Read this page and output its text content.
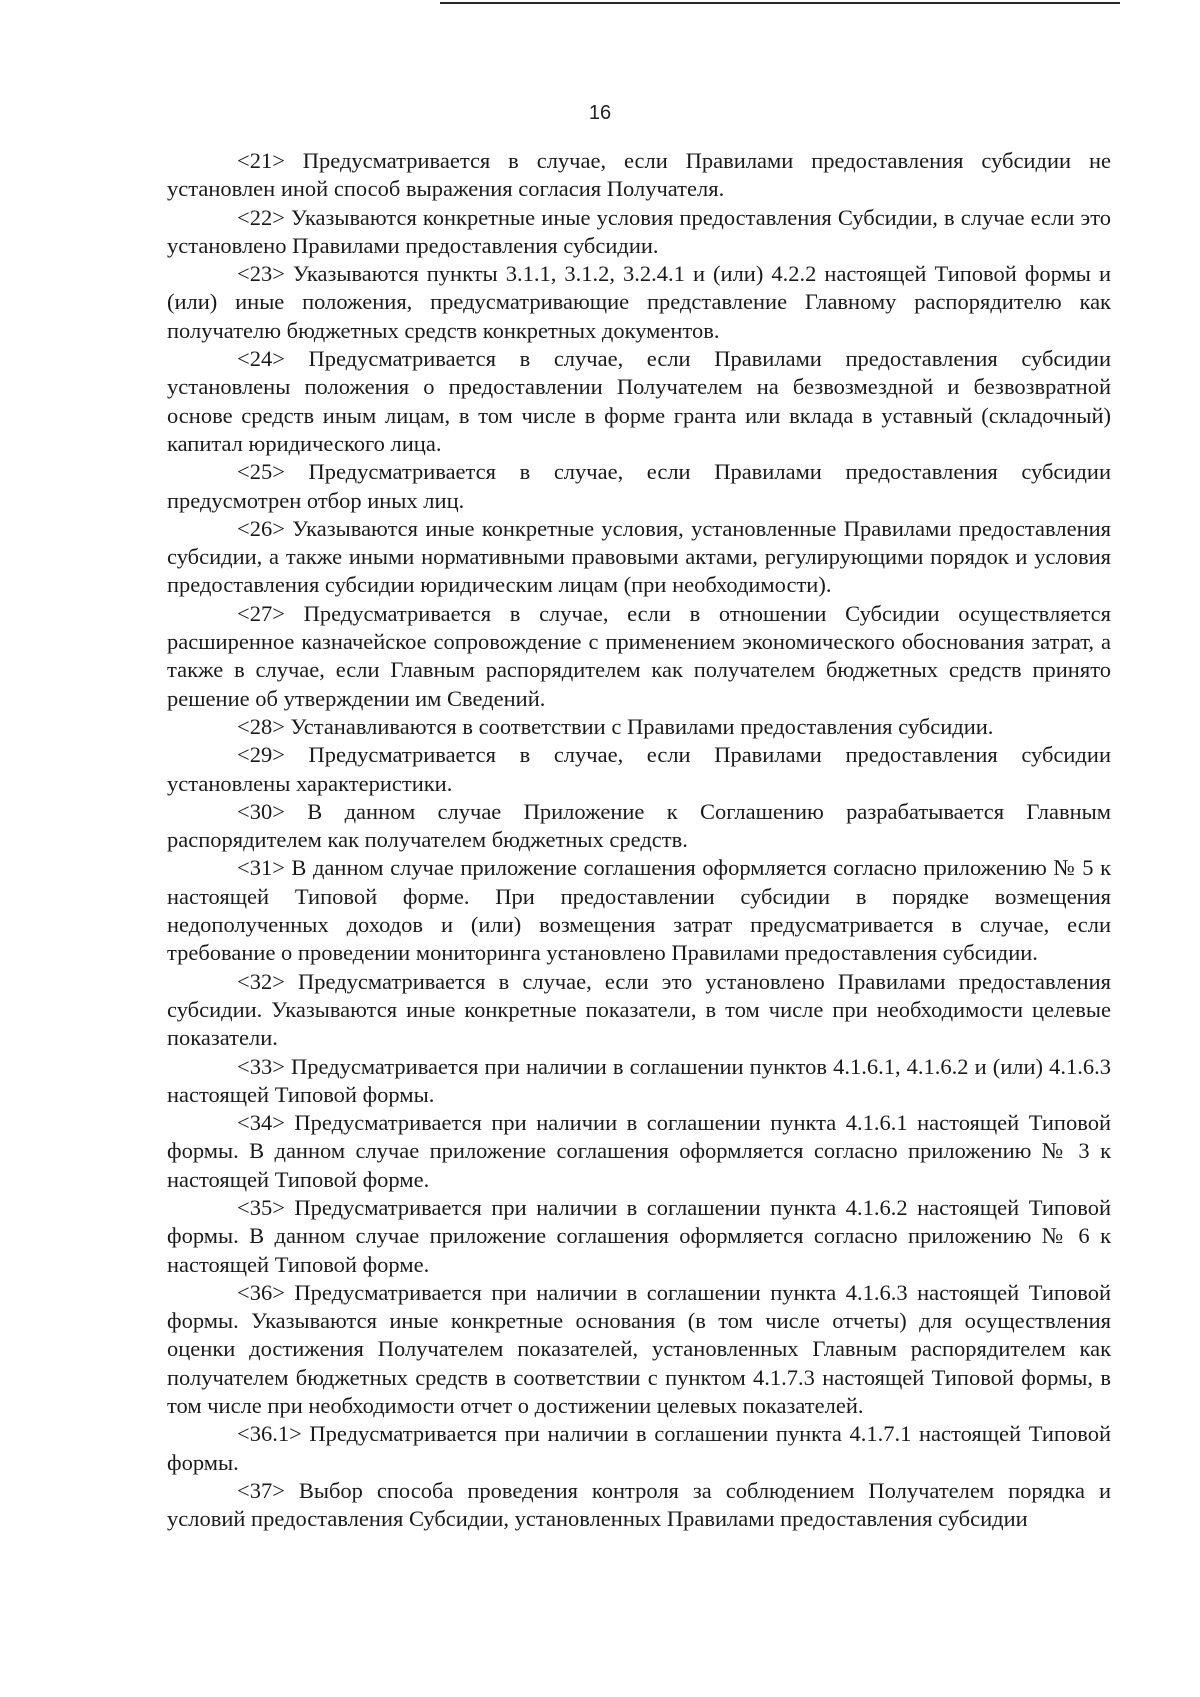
16

<21> Предусматривается в случае, если Правилами предоставления субсидии не установлен иной способ выражения согласия Получателя.

<22> Указываются конкретные иные условия предоставления Субсидии, в случае если это установлено Правилами предоставления субсидии.

<23> Указываются пункты 3.1.1, 3.1.2, 3.2.4.1 и (или) 4.2.2 настоящей Типовой формы и (или) иные положения, предусматривающие представление Главному распорядителю как получателю бюджетных средств конкретных документов.

<24> Предусматривается в случае, если Правилами предоставления субсидии установлены положения о предоставлении Получателем на безвозмездной и безвозвратной основе средств иным лицам, в том числе в форме гранта или вклада в уставный (складочный) капитал юридического лица.

<25> Предусматривается в случае, если Правилами предоставления субсидии предусмотрен отбор иных лиц.

<26> Указываются иные конкретные условия, установленные Правилами предоставления субсидии, а также иными нормативными правовыми актами, регулирующими порядок и условия предоставления субсидии юридическим лицам (при необходимости).

<27> Предусматривается в случае, если в отношении Субсидии осуществляется расширенное казначейское сопровождение с применением экономического обоснования затрат, а также в случае, если Главным распорядителем как получателем бюджетных средств принято решение об утверждении им Сведений.

<28> Устанавливаются в соответствии с Правилами предоставления субсидии.

<29> Предусматривается в случае, если Правилами предоставления субсидии установлены характеристики.

<30> В данном случае Приложение к Соглашению разрабатывается Главным распорядителем как получателем бюджетных средств.

<31> В данном случае приложение соглашения оформляется согласно приложению № 5 к настоящей Типовой форме. При предоставлении субсидии в порядке возмещения недополученных доходов и (или) возмещения затрат предусматривается в случае, если требование о проведении мониторинга установлено Правилами предоставления субсидии.

<32> Предусматривается в случае, если это установлено Правилами предоставления субсидии. Указываются иные конкретные показатели, в том числе при необходимости целевые показатели.

<33> Предусматривается при наличии в соглашении пунктов 4.1.6.1, 4.1.6.2 и (или) 4.1.6.3 настоящей Типовой формы.

<34> Предусматривается при наличии в соглашении пункта 4.1.6.1 настоящей Типовой формы. В данном случае приложение соглашения оформляется согласно приложению № 3 к настоящей Типовой форме.

<35> Предусматривается при наличии в соглашении пункта 4.1.6.2 настоящей Типовой формы. В данном случае приложение соглашения оформляется согласно приложению № 6 к настоящей Типовой форме.

<36> Предусматривается при наличии в соглашении пункта 4.1.6.3 настоящей Типовой формы. Указываются иные конкретные основания (в том числе отчеты) для осуществления оценки достижения Получателем показателей, установленных Главным распорядителем как получателем бюджетных средств в соответствии с пунктом 4.1.7.3 настоящей Типовой формы, в том числе при необходимости отчет о достижении целевых показателей.

<36.1> Предусматривается при наличии в соглашении пункта 4.1.7.1 настоящей Типовой формы.

<37> Выбор способа проведения контроля за соблюдением Получателем порядка и условий предоставления Субсидии, установленных Правилами предоставления субсидии
